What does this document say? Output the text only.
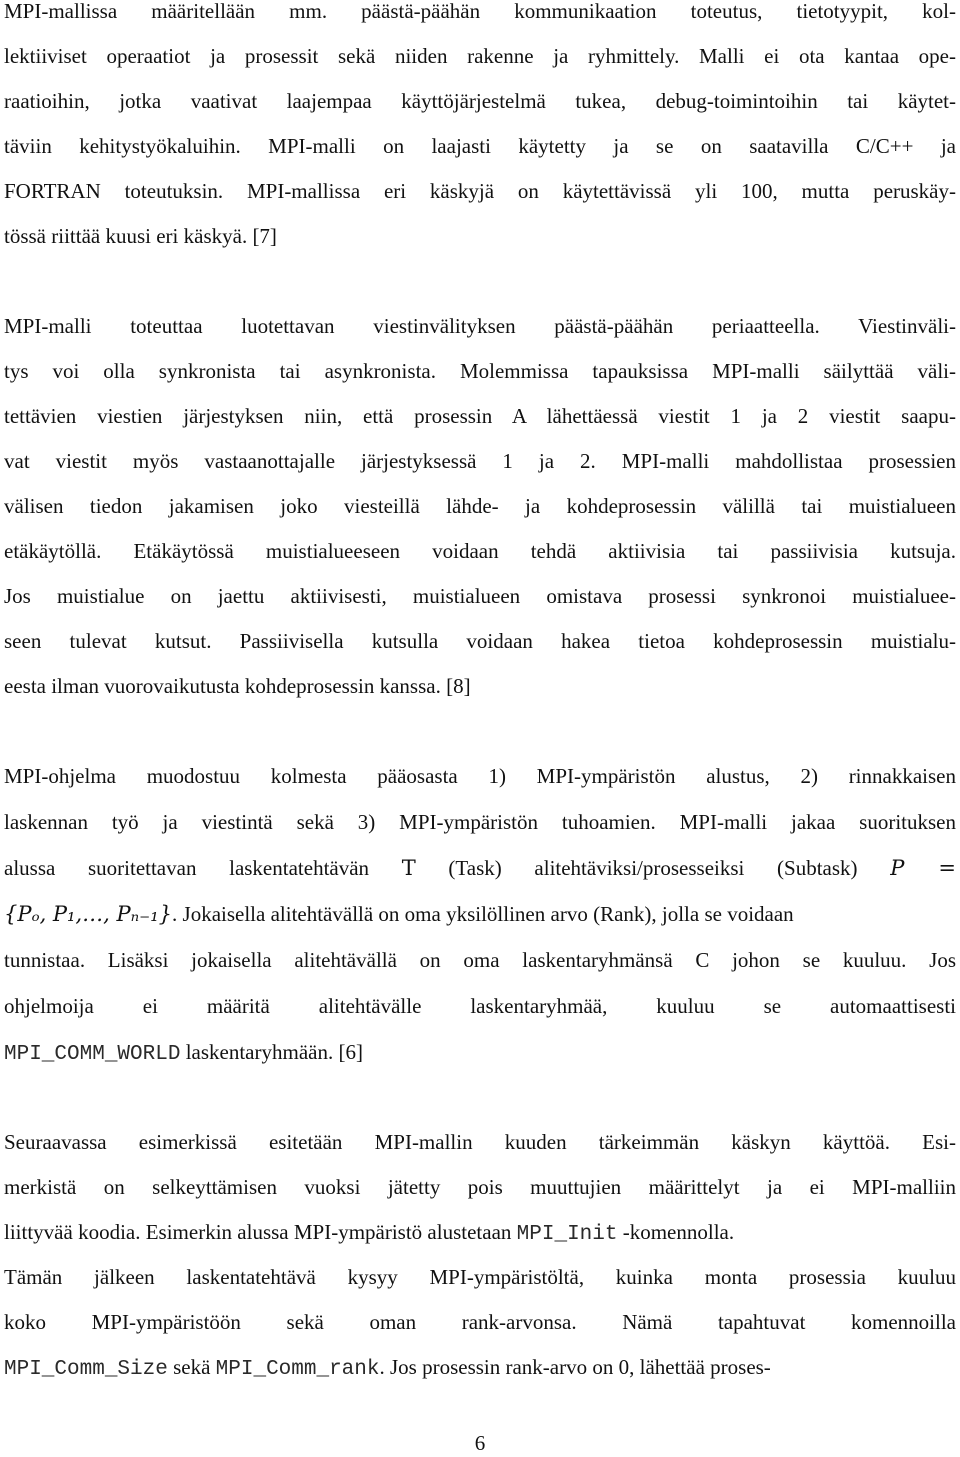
MPI-mallissa määritellään mm. päästä-päähän kommunikaation toteutus, tietotyypit, kol-
lektiiviset operaatiot ja prosessit sekä niiden rakenne ja ryhmittely. Malli ei ota kantaa ope-
raatioihin, jotka vaativat laajempaa käyttöjärjestelmä tukea, debug-toimintoihin tai käytet-
täviin kehitystyökaluihin. MPI-malli on laajasti käytetty ja se on saatavilla C/C++ ja
FORTRAN toteutuksin. MPI-mallissa eri käskyjä on käytettävissä yli 100, mutta peruskäy-
tössä riittää kuusi eri käskyä. [7]
MPI-malli toteuttaa luotettavan viestinvälityksen päästä-päähän periaatteella. Viestinväli-
tys voi olla synkronista tai asynkronista. Molemmissa tapauksissa MPI-malli säilyttää väli-
tettävien viestien järjestyksen niin, että prosessin A lähettäessä viestit 1 ja 2 viestit saapu-
vat viestit myös vastaanottajalle järjestyksessä 1 ja 2. MPI-malli mahdollistaa prosessien
välisen tiedon jakamisen joko viesteillä lähde- ja kohdeprosessin välillä tai muistialueen
etäkäytöllä. Etäkäytössä muistialueeseen voidaan tehdä aktiivisia tai passiivisia kutsuja.
Jos muistialue on jaettu aktiivisesti, muistialueen omistava prosessi synkronoi muistialuee-
seen tulevat kutsut. Passiivisella kutsulla voidaan hakea tietoa kohdeprosessin muistialu-
eesta ilman vuorovaikutusta kohdeprosessin kanssa. [8]
MPI-ohjelma muodostuu kolmesta pääosasta 1) MPI-ympäristön alustus, 2) rinnakkaisen
laskennan työ ja viestintä sekä 3) MPI-ympäristön tuhoamien. MPI-malli jakaa suorituksen
alussa suoritettavan laskentatehtävän T (Task) alitehtäviksi/prosesseiksi (Subtask) P =
{Pₒ, P₁,…, Pₙ₋₁}. Jokaisella alitehtävällä on oma yksilöllinen arvo (Rank), jolla se voidaan
tunnistaa. Lisäksi jokaisella alitehtävällä on oma laskentaryhmänsä C johon se kuuluu. Jos
ohjelmoija ei määritä alitehtävälle laskentaryhmää, kuuluu se automaattisesti
MPI_COMM_WORLD laskentaryhmään. [6]
Seuraavassa esimerkissä esitetään MPI-mallin kuuden tärkeimmän käskyn käyttöä. Esi-
merkistä on selkeyttämisen vuoksi jätetty pois muuttujien määrittelyt ja ei MPI-malliin
liittyvää koodia. Esimerkin alussa MPI-ympäristö alustetaan MPI_Init -komennolla.
Tämän jälkeen laskentatehtävä kysyy MPI-ympäristöltä, kuinka monta prosessia kuuluu
koko MPI-ympäristöön sekä oman rank-arvonsa. Nämä tapahtuvat komennoilla
MPI_Comm_Size sekä MPI_Comm_rank. Jos prosessin rank-arvo on 0, lähettää proses-
6
